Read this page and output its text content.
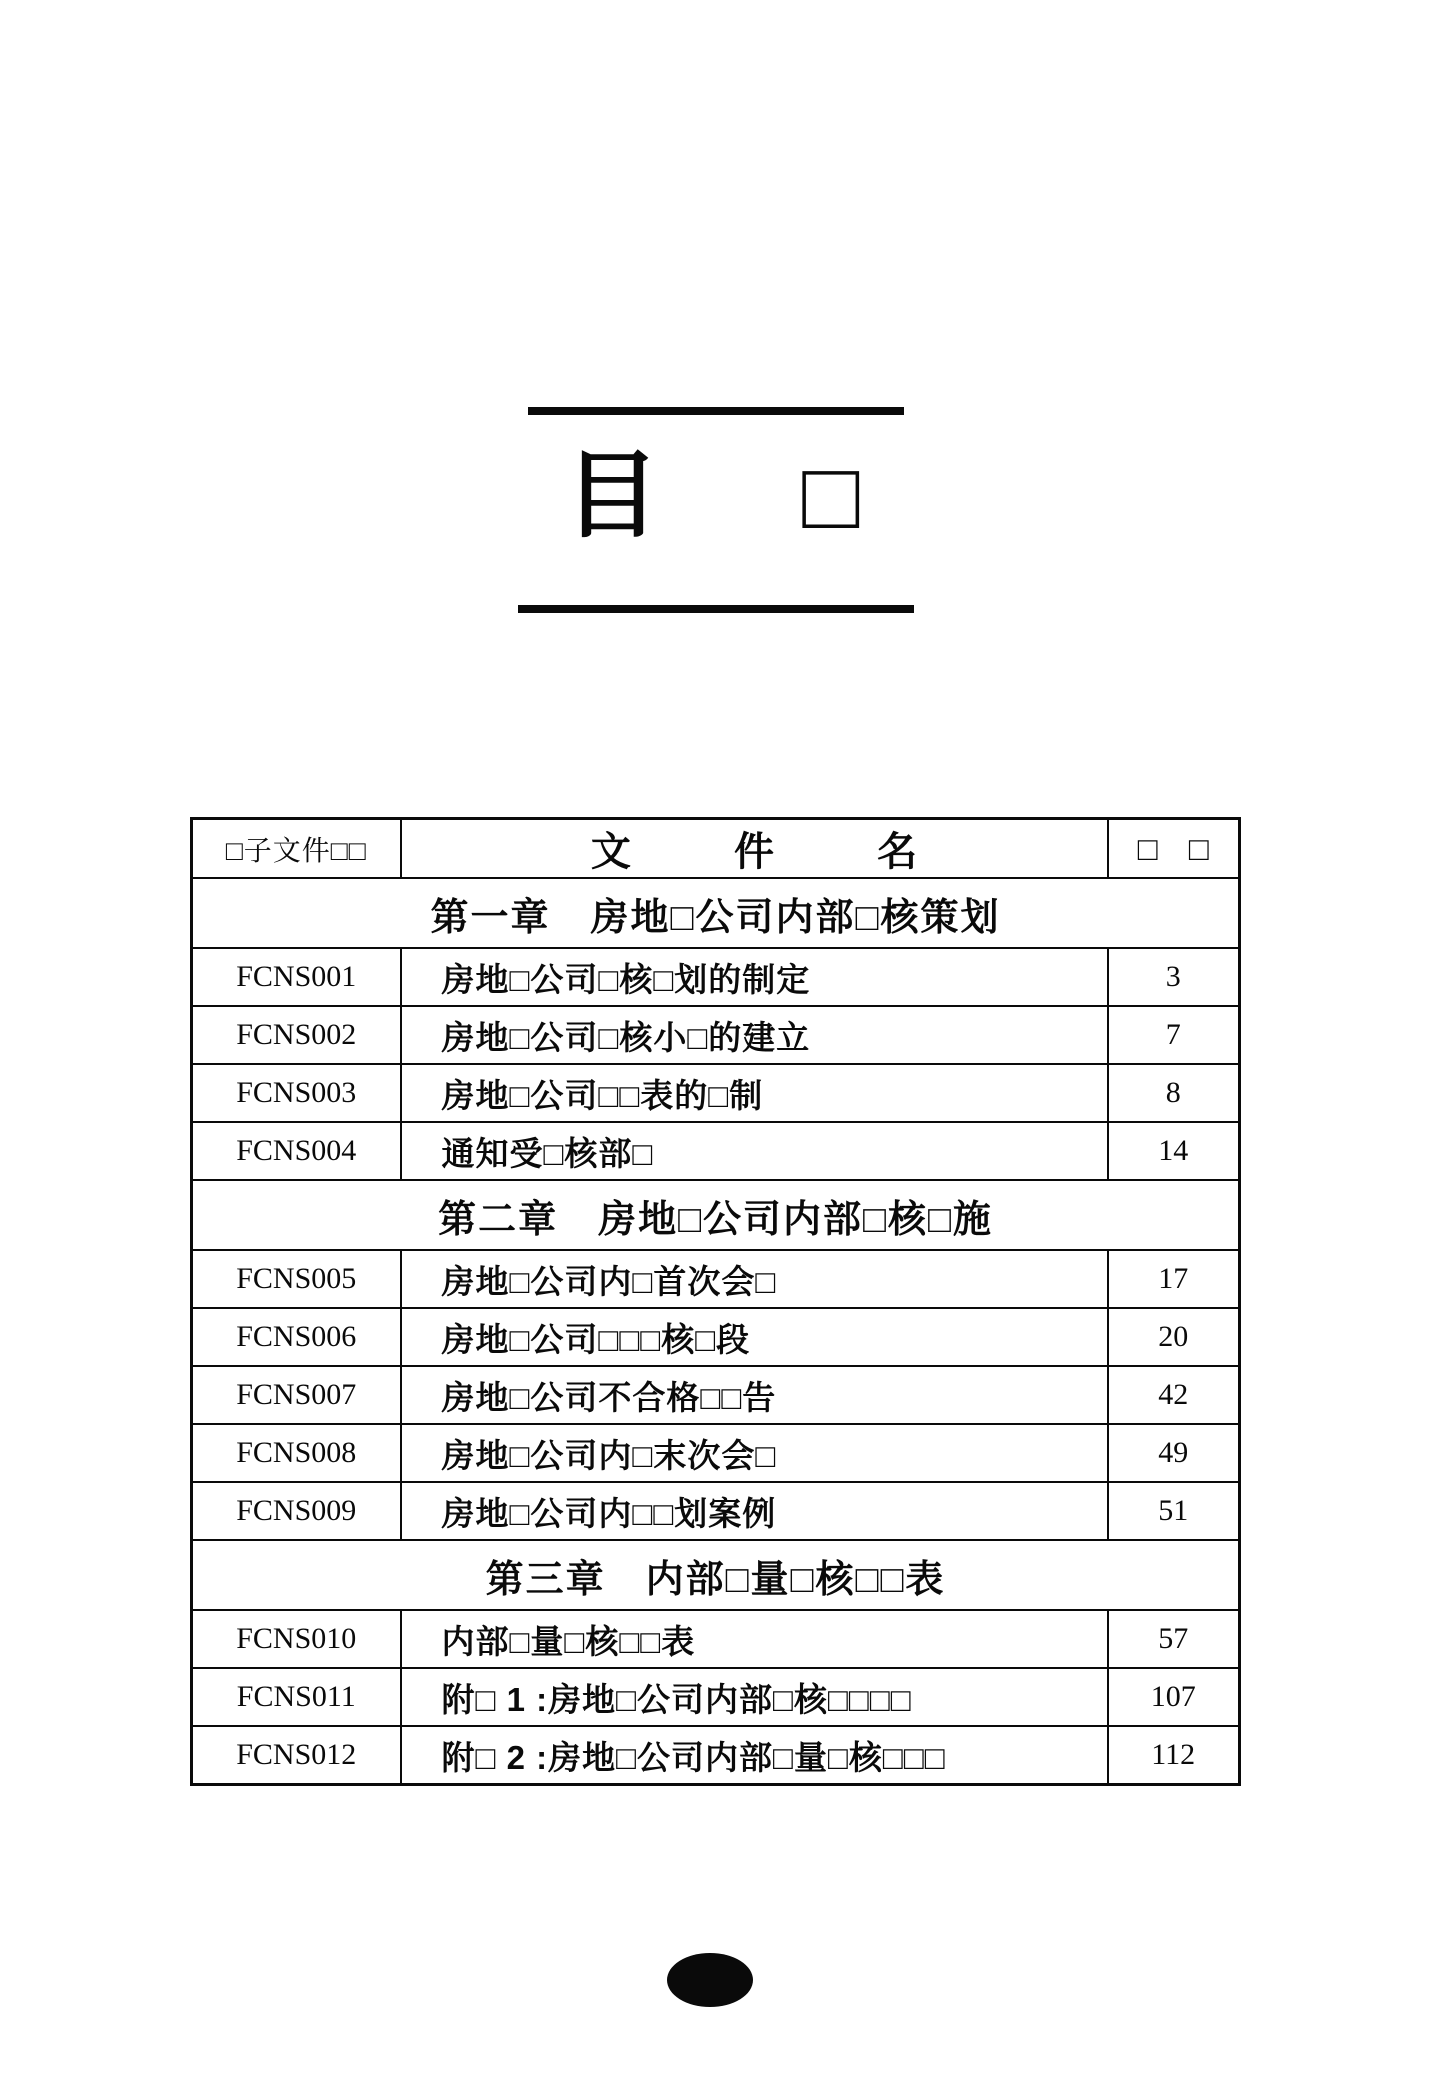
目 □
□子文件□□	文 件 名	□ □
第一章　房地□公司内部□核策划		
FCNS001	房地□公司□核□划的制定	3
FCNS002	房地□公司□核小□的建立	7
FCNS003	房地□公司□□表的□制	8
FCNS004	通知受□核部□	14
第二章　房地□公司内部□核□施		
FCNS005	房地□公司内□首次会□	17
FCNS006	房地□公司□□□核□段	20
FCNS007	房地□公司不合格□□告	42
FCNS008	房地□公司内□末次会□	49
FCNS009	房地□公司内□□划案例	51
第三章　内部□量□核□□表		
FCNS010	内部□量□核□□表	57
FCNS011	附□ 1 :房地□公司内部□核□□□□	107
FCNS012	附□ 2 :房地□公司内部□量□核□□□	112
